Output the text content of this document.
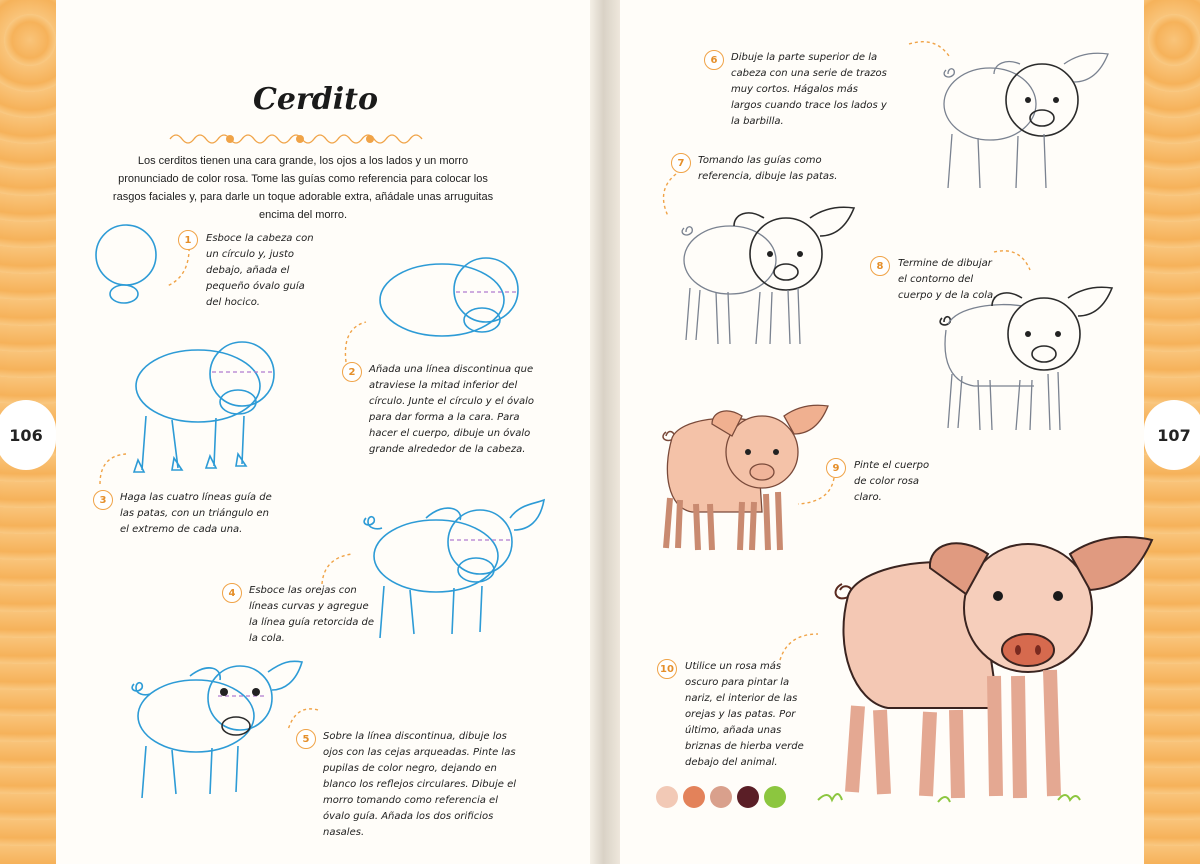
106	107
Cerdito
Los cerditos tienen una cara grande, los ojos a los lados y un morro pronunciado de color rosa. Tome las guías como referencia para colocar los rasgos faciales y, para darle un toque adorable extra, añádale unas arruguitas encima del morro.
1	Esboce la cabeza con un círculo y, justo debajo, añada el pequeño óvalo guía del hocico.
2	Añada una línea discontinua que atraviese la mitad inferior del círculo. Junte el círculo y el óvalo para dar forma a la cara. Para hacer el cuerpo, dibuje un óvalo grande alrededor de la cabeza.
3	Haga las cuatro líneas guía de las patas, con un triángulo en el extremo de cada una.
4	Esboce las orejas con líneas curvas y agregue la línea guía retorcida de la cola.
5	Sobre la línea discontinua, dibuje los ojos con las cejas arqueadas. Pinte las pupilas de color negro, dejando en blanco los reflejos circulares. Dibuje el morro tomando como referencia el óvalo guía. Añada los dos orificios nasales.
6	Dibuje la parte superior de la cabeza con una serie de trazos muy cortos. Hágalos más largos cuando trace los lados y la barbilla.
7	Tomando las guías como referencia, dibuje las patas.
8	Termine de dibujar el contorno del cuerpo y de la cola.
9	Pinte el cuerpo de color rosa claro.
10	Utilice un rosa más oscuro para pintar la nariz, el interior de las orejas y las patas. Por último, añada unas briznas de hierba verde debajo del animal.
